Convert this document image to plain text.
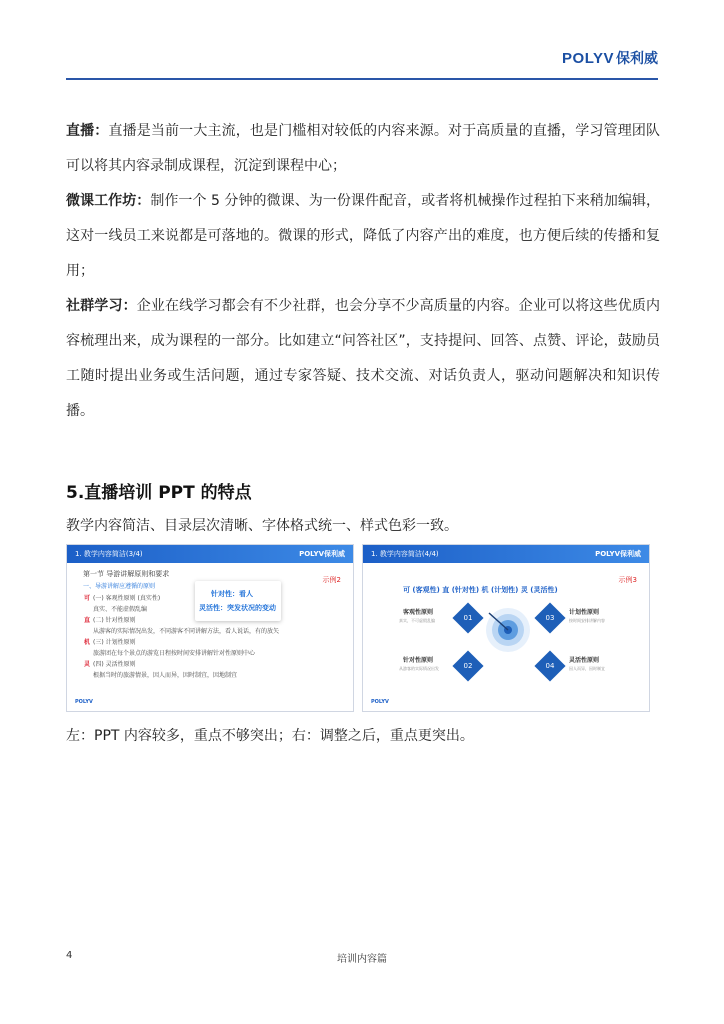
POLYV 保利威

直播：直播是当前一大主流，也是门槛相对较低的内容来源。对于高质量的直播，学习管理团队可以将其内容录制成课程，沉淀到课程中心；

微课工作坊：制作一个 5 分钟的微课、为一份课件配音，或者将机械操作过程拍下来稍加编辑，这对一线员工来说都是可落地的。微课的形式，降低了内容产出的难度，也方便后续的传播和复用；

社群学习：企业在线学习都会有不少社群，也会分享不少高质量的内容。企业可以将这些优质内容梳理出来，成为课程的一部分。比如建立“问答社区”，支持提问、回答、点赞、评论，鼓励员工随时提出业务或生活问题，通过专家答疑、技术交流、对话负责人，驱动问题解决和知识传播。

5.直播培训 PPT 的特点
教学内容简洁、目录层次清晰、字体格式统一、样式色彩一致。
1. 教学内容简洁(3/4)	POLYV保利威
示例2
第一节 导游讲解原则和要求
一、导游讲解应遵循的原则
(一) 客观性原则 (真实性)
真实、不能虚假乱编
(二) 针对性原则
从游客的实际情况出发，不同游客不同讲解方法，看人说话，有的放矢
(三) 计划性原则
旅游团在每个景点的游览日程按时间安排讲解针对性原则中心
(四) 灵活性原则
根据当时的旅游情景，因人而异，因时制宜，因地制宜
可
直
机
灵
针对性：看人
灵活性：突发状况的变动
POLYV
1. 教学内容简洁(4/4)	POLYV保利威
示例3
可 (客观性) 直 (针对性) 机 (计划性) 灵 (灵活性)
01
客观性原则
真实，不可虚假乱编	03
计划性原则
按时间安排讲解内容
02
针对性原则
从游客的实际情况出发	04
灵活性原则
因人而异，因时制宜
POLYV
左：PPT 内容较多，重点不够突出；右：调整之后，重点更突出。
4	培训内容篇
